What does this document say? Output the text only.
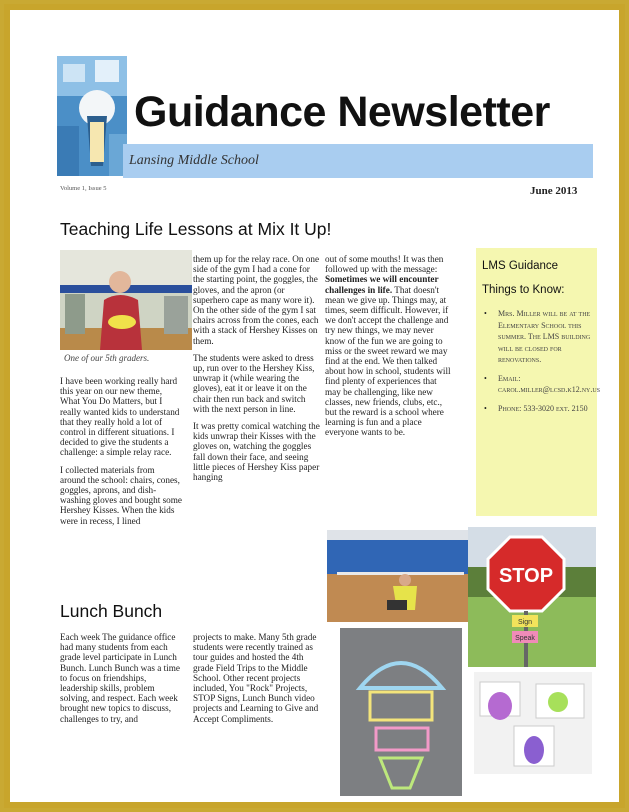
Guidance Newsletter
Lansing Middle School
Volume 1, Issue 5	June 2013
Teaching Life Lessons at Mix It Up!
One of our 5th graders.

I have been working really hard this year on our new theme, What You Do Matters, but I really wanted kids to understand that they really hold a lot of control in different situations. I decided to give the students a challenge: a simple relay race.

I collected materials from around the school: chairs, cones, goggles, aprons, and dish-washing gloves and bought some Hershey Kisses. When the kids were in recess, I lined

them up for the relay race. On one side of the gym I had a cone for the starting point, the goggles, the gloves, and the apron (or superhero cape as many wore it). On the other side of the gym I sat chairs across from the cones, each with a stack of Hershey Kisses on them.

The students were asked to dress up, run over to the Hershey Kiss, unwrap it (while wearing the gloves), eat it or leave it on the chair then run back and switch with the next person in line.

It was pretty comical watching the kids unwrap their Kisses with the gloves on, watching the goggles fall down their face, and seeing little pieces of Hershey Kiss paper hanging

out of some mouths! It was then followed up with the message: Sometimes we will encounter challenges in life. That doesn't mean we give up. Things may, at times, seem difficult. However, if we don't accept the challenge and try new things, we may never know of the fun we are going to miss or the sweet reward we may find at the end. We then talked about how in school, students will find plenty of experiences that may be challenging, like new classes, new friends, clubs, etc., but the reward is a school where learning is fun and a place everyone wants to be.
LMS Guidance
Things to Know:
• Mrs. Miller will be at the Elementary School this summer. The LMS building will be closed for renovations.
• Email: carol.miller@lcsd.k12.ny.us
• Phone: 533-3020 ext. 2150
STOP
Sign
Speak
Lunch Bunch

Each week The guidance office had many students from each grade level participate in Lunch Bunch. Lunch Bunch was a time to focus on friendships, leadership skills, problem solving, and respect. Each week brought new topics to discuss, challenges to try, and

projects to make. Many 5th grade students were recently trained as tour guides and hosted the 4th grade Field Trips to the Middle School. Other recent projects included, You "Rock" Projects, STOP Signs, Lunch Bunch video projects and Learning to Give and Accept Compliments.
